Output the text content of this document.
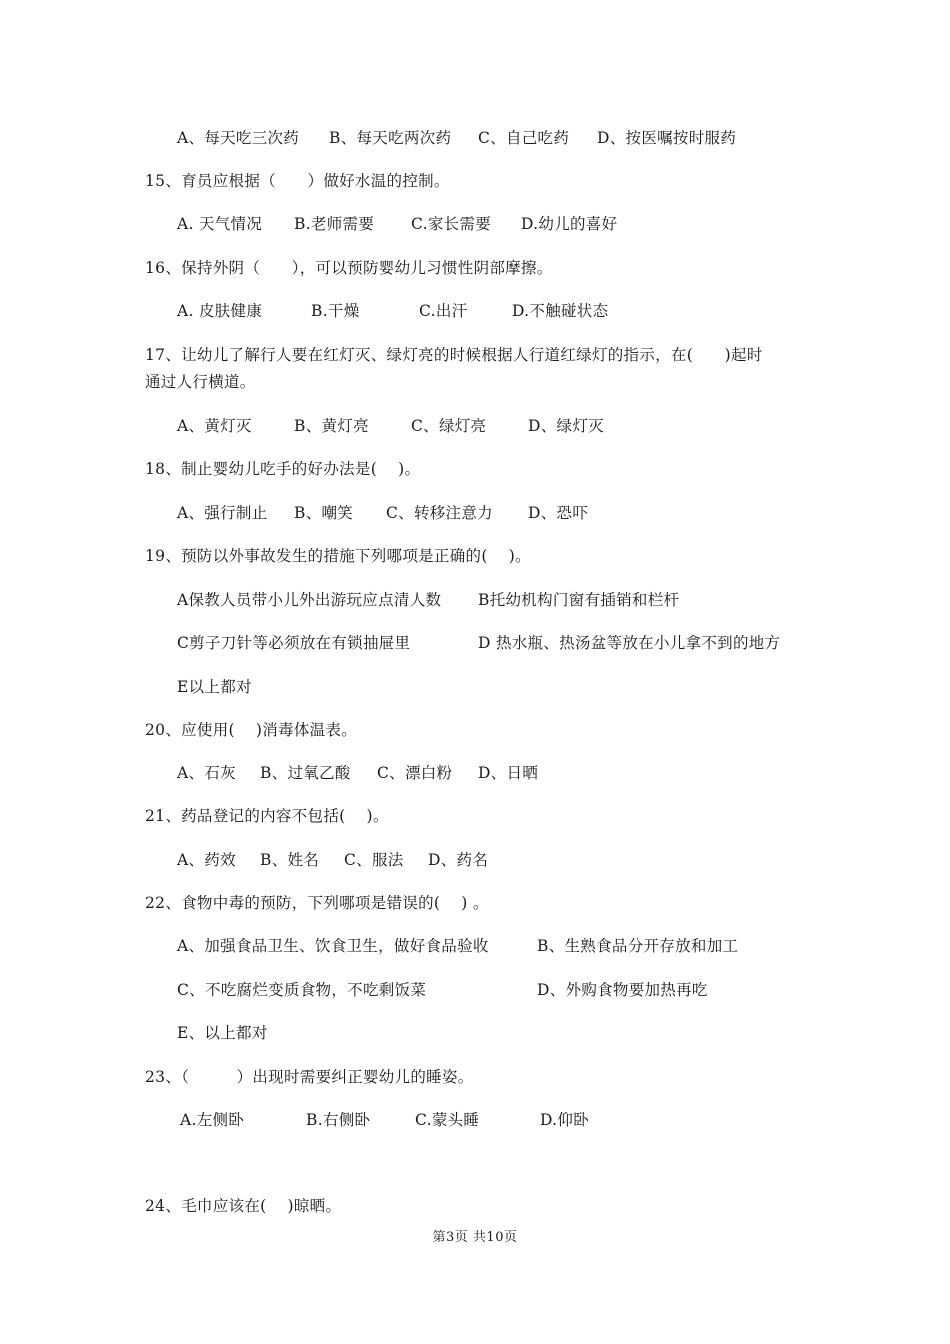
第3页 共10页
A、每天吃三次药 B、每天吃两次药 C、自己吃药 D、按医嘱按时服药
15、育员应根据（　　）做好水温的控制。
A. 天气情况 B.老师需要 C.家长需要 D.幼儿的喜好
16、保持外阴（　　），可以预防婴幼儿习惯性阴部摩擦。
A. 皮肤健康	B.干燥	C.出汗	D.不触碰状态
17、让幼儿了解行人要在红灯灭、绿灯亮的时候根据人行道红绿灯的指示，在(　　)起时
通过人行横道。
A、黄灯灭	B、黄灯亮	C、绿灯亮	D、绿灯灭
18、制止婴幼儿吃手的好办法是(　 )。
A、强行制止 B、嘲笑 C、转移注意力 D、恐吓
19、预防以外事故发生的措施下列哪项是正确的(　 )。
A保教人员带小儿外出游玩应点清人数 B托幼机构门窗有插销和栏杆
C剪子刀针等必须放在有锁抽屉里	D 热水瓶、热汤盆等放在小儿拿不到的地方
E以上都对
20、应使用(　 )消毒体温表。
A、石灰 B、过氧乙酸 C、漂白粉 D、日晒
21、药品登记的内容不包括(　 )。
A、药效 B、姓名 C、服法 D、药名
22、食物中毒的预防，下列哪项是错误的(　 ) 。
A、加强食品卫生、饮食卫生，做好食品验收	B、生熟食品分开存放和加工
C、不吃腐烂变质食物，不吃剩饭菜	D、外购食物要加热再吃
E、以上都对
23、（　　　）出现时需要纠正婴幼儿的睡姿。
A.左侧卧	B.右侧卧	C.蒙头睡	D.仰卧
24、毛巾应该在(　 )晾晒。
